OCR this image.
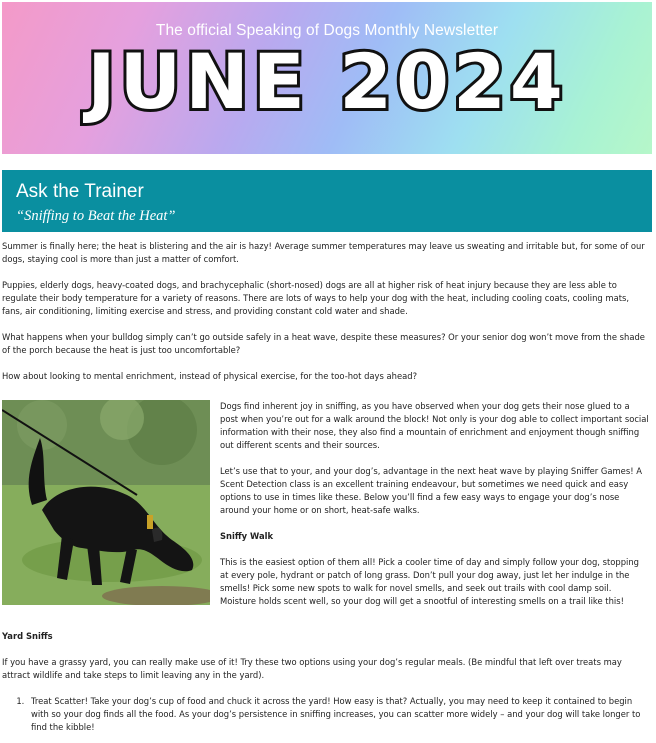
The official Speaking of Dogs Monthly Newsletter
JUNE 2024
Ask the Trainer
“Sniffing to Beat the Heat”

Summer is finally here; the heat is blistering and the air is hazy! Average summer temperatures may leave us sweating and irritable but, for some of our dogs, staying cool is more than just a matter of comfort.

Puppies, elderly dogs, heavy-coated dogs, and brachycephalic (short-nosed) dogs are all at higher risk of heat injury because they are less able to regulate their body temperature for a variety of reasons. There are lots of ways to help your dog with the heat, including cooling coats, cooling mats, fans, air conditioning, limiting exercise and stress, and providing constant cold water and shade.

What happens when your bulldog simply can’t go outside safely in a heat wave, despite these measures? Or your senior dog won’t move from the shade of the porch because the heat is just too uncomfortable?

How about looking to mental enrichment, instead of physical exercise, for the too-hot days ahead?

Dogs find inherent joy in sniffing, as you have observed when your dog gets their nose glued to a post when you’re out for a walk around the block! Not only is your dog able to collect important social information with their nose, they also find a mountain of enrichment and enjoyment though sniffing out different scents and their sources.

Let’s use that to your, and your dog’s, advantage in the next heat wave by playing Sniffer Games! A Scent Detection class is an excellent training endeavour, but sometimes we need quick and easy options to use in times like these. Below you’ll find a few easy ways to engage your dog’s nose around your home or on short, heat-safe walks.

Sniffy Walk

This is the easiest option of them all! Pick a cooler time of day and simply follow your dog, stopping at every pole, hydrant or patch of long grass. Don’t pull your dog away, just let her indulge in the smells! Pick some new spots to walk for novel smells, and seek out trails with cool damp soil. Moisture holds scent well, so your dog will get a snootful of interesting smells on a trail like this!

Yard Sniffs

If you have a grassy yard, you can really make use of it! Try these two options using your dog’s regular meals. (Be mindful that left over treats may attract wildlife and take steps to limit leaving any in the yard).

1. Treat Scatter! Take your dog’s cup of food and chuck it across the yard! How easy is that? Actually, you may need to keep it contained to begin with so your dog finds all the food. As your dog’s persistence in sniffing increases, you can scatter more widely – and your dog will take longer to find the kibble!
